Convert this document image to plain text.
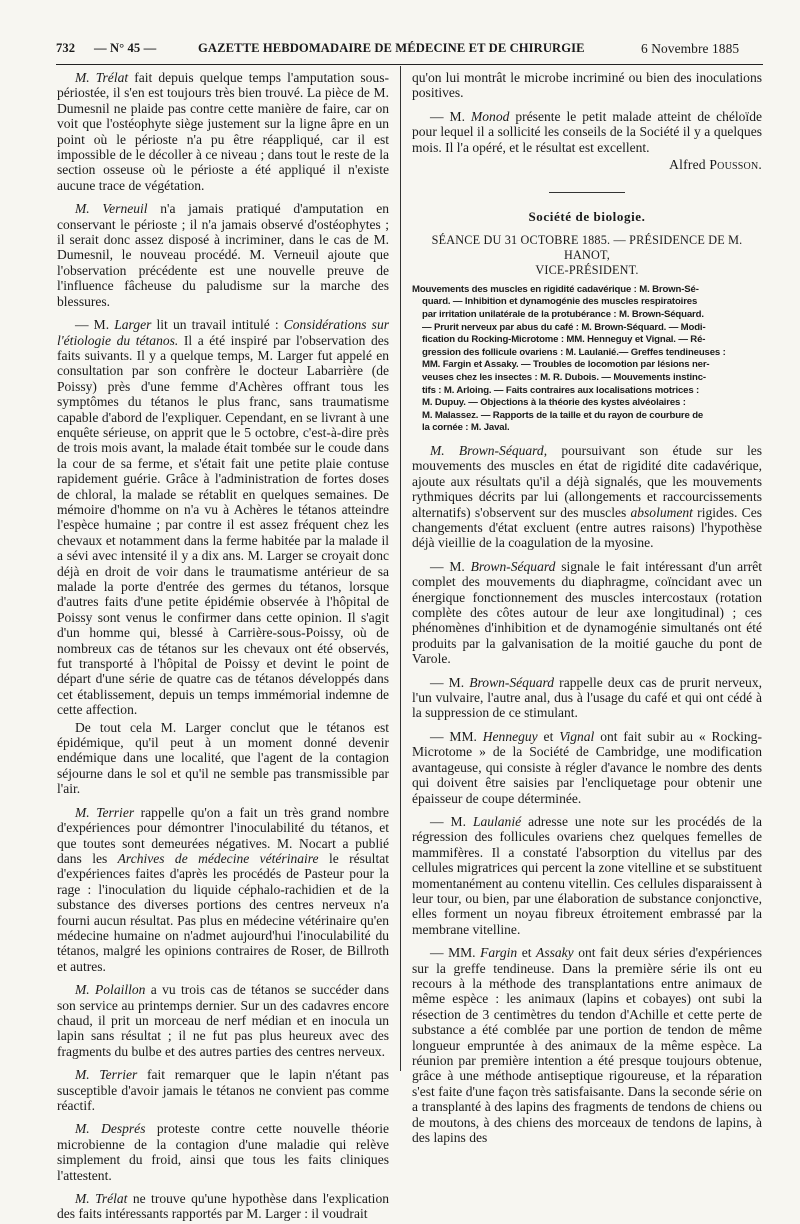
732 — N° 45 —	GAZETTE HEBDOMADAIRE DE MÉDECINE ET DE CHIRURGIE	6 Novembre 1885

M. Trélat fait depuis quelque temps l'amputation sous-périostée, il s'en est toujours très bien trouvé. La pièce de M. Dumesnil ne plaide pas contre cette manière de faire, car on voit que l'ostéophyte siège justement sur la ligne âpre en un point où le périoste n'a pu être réappliqué, car il est impossible de le décoller à ce niveau ; dans tout le reste de la section osseuse où le périoste a été appliqué il n'existe aucune trace de végétation.

M. Verneuil n'a jamais pratiqué d'amputation en conservant le périoste ; il n'a jamais observé d'ostéophytes ; il serait donc assez disposé à incriminer, dans le cas de M. Dumesnil, le nouveau procédé. M. Verneuil ajoute que l'observation précédente est une nouvelle preuve de l'influence fâcheuse du paludisme sur la marche des blessures.

— M. Larger lit un travail intitulé : Considérations sur l'étiologie du tétanos. Il a été inspiré par l'observation des faits suivants. Il y a quelque temps, M. Larger fut appelé en consultation par son confrère le docteur Labarrière (de Poissy) près d'une femme d'Achères offrant tous les symptômes du tétanos le plus franc, sans traumatisme capable d'abord de l'expliquer. Cependant, en se livrant à une enquête sérieuse, on apprit que le 5 octobre, c'est-à-dire près de trois mois avant, la malade était tombée sur le coude dans la cour de sa ferme, et s'était fait une petite plaie contuse rapidement guérie. Grâce à l'administration de fortes doses de chloral, la malade se rétablit en quelques semaines. De mémoire d'homme on n'a vu à Achères le tétanos atteindre l'espèce humaine ; par contre il est assez fréquent chez les chevaux et notamment dans la ferme habitée par la malade il a sévi avec intensité il y a dix ans. M. Larger se croyait donc déjà en droit de voir dans le traumatisme antérieur de sa malade la porte d'entrée des germes du tétanos, lorsque d'autres faits d'une petite épidémie observée à l'hôpital de Poissy sont venus le confirmer dans cette opinion. Il s'agit d'un homme qui, blessé à Carrière-sous-Poissy, où de nombreux cas de tétanos sur les chevaux ont été observés, fut transporté à l'hôpital de Poissy et devint le point de départ d'une série de quatre cas de tétanos développés dans cet établissement, depuis un temps immémorial indemne de cette affection.

De tout cela M. Larger conclut que le tétanos est épidémique, qu'il peut à un moment donné devenir endémique dans une localité, que l'agent de la contagion séjourne dans le sol et qu'il ne semble pas transmissible par l'air.

M. Terrier rappelle qu'on a fait un très grand nombre d'expériences pour démontrer l'inoculabilité du tétanos, et que toutes sont demeurées négatives. M. Nocart a publié dans les Archives de médecine vétérinaire le résultat d'expériences faites d'après les procédés de Pasteur pour la rage : l'inoculation du liquide céphalo-rachidien et de la substance des diverses portions des centres nerveux n'a fourni aucun résultat. Pas plus en médecine vétérinaire qu'en médecine humaine on n'admet aujourd'hui l'inoculabilité du tétanos, malgré les opinions contraires de Roser, de Billroth et autres.

M. Polaillon a vu trois cas de tétanos se succéder dans son service au printemps dernier. Sur un des cadavres encore chaud, il prit un morceau de nerf médian et en inocula un lapin sans résultat ; il ne fut pas plus heureux avec des fragments du bulbe et des autres parties des centres nerveux.

M. Terrier fait remarquer que le lapin n'étant pas susceptible d'avoir jamais le tétanos ne convient pas comme réactif.

M. Després proteste contre cette nouvelle théorie microbienne de la contagion d'une maladie qui relève simplement du froid, ainsi que tous les faits cliniques l'attestent.

M. Trélat ne trouve qu'une hypothèse dans l'explication des faits intéressants rapportés par M. Larger : il voudrait

qu'on lui montrât le microbe incriminé ou bien des inoculations positives.

— M. Monod présente le petit malade atteint de chéloïde pour lequel il a sollicité les conseils de la Société il y a quelques mois. Il l'a opéré, et le résultat est excellent.

Alfred Pousson.

Société de biologie.
SÉANCE DU 31 OCTOBRE 1885. — PRÉSIDENCE DE M. HANOT,
VICE-PRÉSIDENT.
Mouvements des muscles en rigidité cadavérique : M. Brown-Sé-
quard. — Inhibition et dynamogénie des muscles respiratoires
par irritation unilatérale de la protubérance : M. Brown-Séquard.
— Prurit nerveux par abus du café : M. Brown-Séquard. — Modi-
fication du Rocking-Microtome : MM. Henneguy et Vignal. — Ré-
gression des follicule ovariens : M. Laulanié.— Greffes tendineuses :
MM. Fargin et Assaky. — Troubles de locomotion par lésions ner-
veuses chez les insectes : M. R. Dubois. — Mouvements instinc-
tifs : M. Arloing. — Faits contraires aux localisations motrices :
M. Dupuy. — Objections à la théorie des kystes alvéolaires :
M. Malassez. — Rapports de la taille et du rayon de courbure de
la cornée : M. Javal.

M. Brown-Séquard, poursuivant son étude sur les mouvements des muscles en état de rigidité dite cadavérique, ajoute aux résultats qu'il a déjà signalés, que les mouvements rythmiques décrits par lui (allongements et raccourcissements alternatifs) s'observent sur des muscles absolument rigides. Ces changements d'état excluent (entre autres raisons) l'hypothèse déjà vieillie de la coagulation de la myosine.

— M. Brown-Séquard signale le fait intéressant d'un arrêt complet des mouvements du diaphragme, coïncidant avec un énergique fonctionnement des muscles intercostaux (rotation complète des côtes autour de leur axe longitudinal) ; ces phénomènes d'inhibition et de dynamogénie simultanés ont été produits par la galvanisation de la moitié gauche du pont de Varole.

— M. Brown-Séquard rappelle deux cas de prurit nerveux, l'un vulvaire, l'autre anal, dus à l'usage du café et qui ont cédé à la suppression de ce stimulant.

— MM. Henneguy et Vignal ont fait subir au « Rocking-Microtome » de la Société de Cambridge, une modification avantageuse, qui consiste à régler d'avance le nombre des dents qui doivent être saisies par l'encliquetage pour obtenir une épaisseur de coupe déterminée.

— M. Laulanié adresse une note sur les procédés de la régression des follicules ovariens chez quelques femelles de mammifères. Il a constaté l'absorption du vitellus par des cellules migratrices qui percent la zone vitelline et se substituent momentanément au contenu vitellin. Ces cellules disparaissent à leur tour, ou bien, par une élaboration de substance conjonctive, elles forment un noyau fibreux étroitement embrassé par la membrane vitelline.

— MM. Fargin et Assaky ont fait deux séries d'expériences sur la greffe tendineuse. Dans la première série ils ont eu recours à la méthode des transplantations entre animaux de même espèce : les animaux (lapins et cobayes) ont subi la résection de 3 centimètres du tendon d'Achille et cette perte de substance a été comblée par une portion de tendon de même longueur empruntée à des animaux de la même espèce. La réunion par première intention a été presque toujours obtenue, grâce à une méthode antiseptique rigoureuse, et la réparation s'est faite d'une façon très satisfaisante. Dans la seconde série on a transplanté à des lapins des fragments de tendons de chiens ou de moutons, à des chiens des morceaux de tendons de lapins, à des lapins des
